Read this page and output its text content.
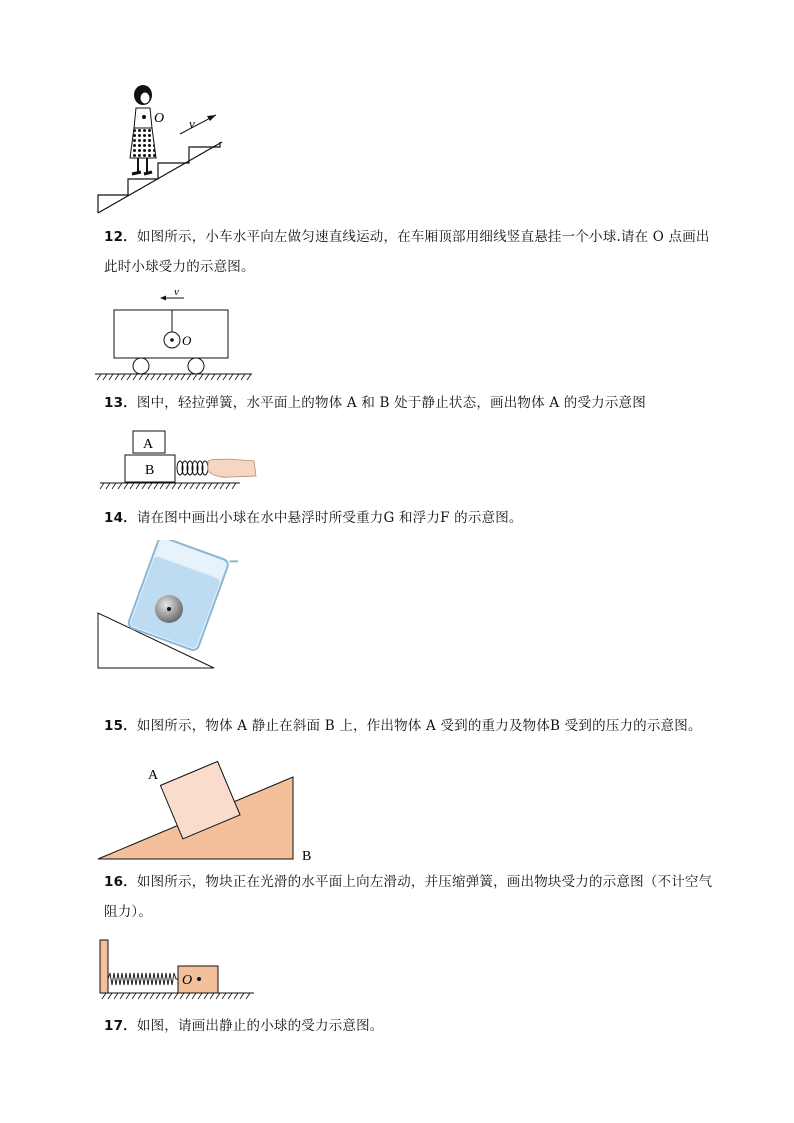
O v
12．如图所示，小车水平向左做匀速直线运动，在车厢顶部用细线竖直悬挂一个小球.请在 O 点画出此时小球受力的示意图。
v
O
13．图中，轻拉弹簧，水平面上的物体 A 和 B 处于静止状态，画出物体 A 的受力示意图
A
B
14．请在图中画出小球在水中悬浮时所受重力G 和浮力F 的示意图。
15．如图所示，物体 A 静止在斜面 B 上，作出物体 A 受到的重力及物体B 受到的压力的示意图。
A
B
16．如图所示，物块正在光滑的水平面上向左滑动，并压缩弹簧，画出物块受力的示意图（不计空气阻力）。
O
17．如图，请画出静止的小球的受力示意图。
